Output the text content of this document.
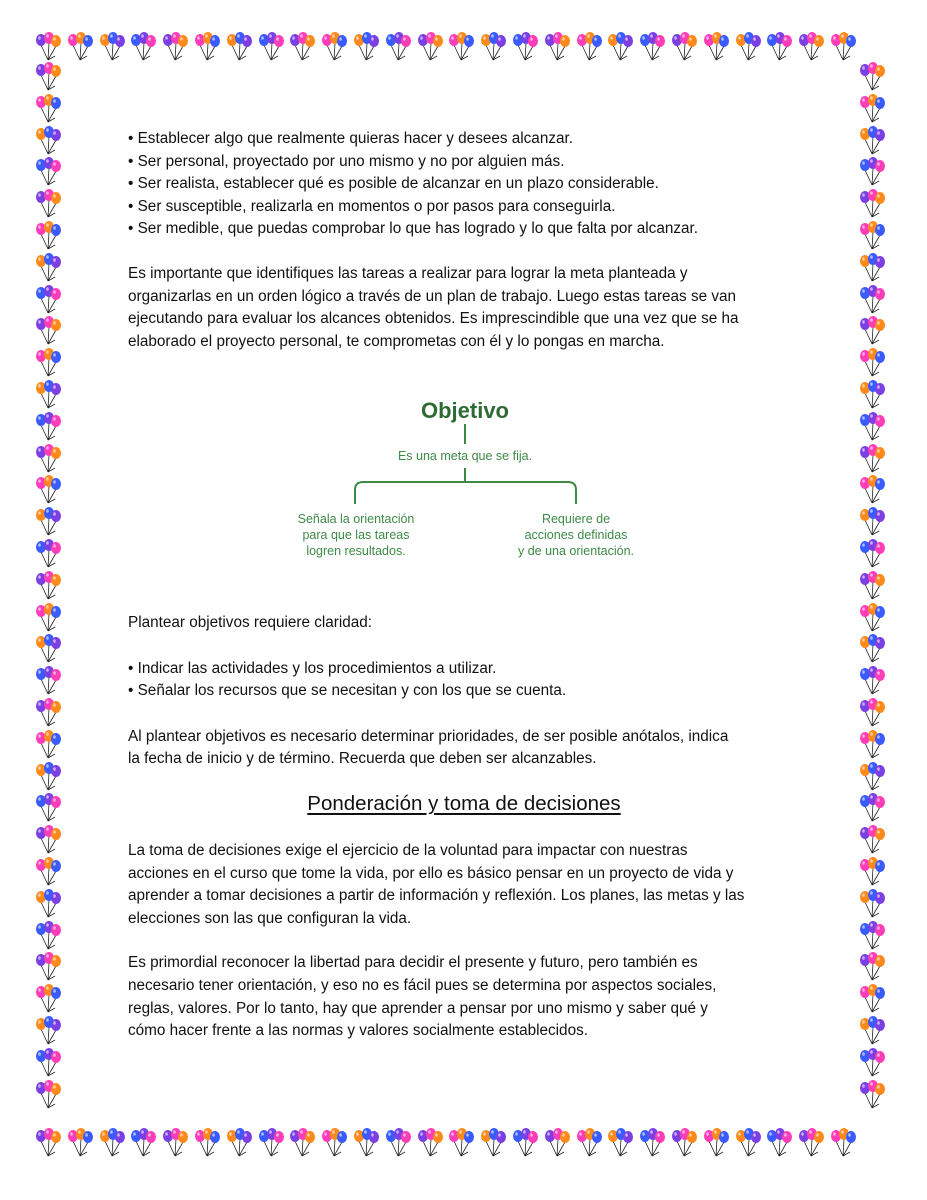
• Establecer algo que realmente quieras hacer y desees alcanzar.
• Ser personal, proyectado por uno mismo y no por alguien más.
• Ser realista, establecer qué es posible de alcanzar en un plazo considerable.
• Ser susceptible, realizarla en momentos o por pasos para conseguirla.
• Ser medible, que puedas comprobar lo que has logrado y lo que falta por alcanzar.
Es importante que identifiques las tareas a realizar para lograr la meta planteada y
organizarlas en un orden lógico a través de un plan de trabajo. Luego estas tareas se van
ejecutando para evaluar los alcances obtenidos. Es imprescindible que una vez que se ha
elaborado el proyecto personal, te comprometas con él y lo pongas en marcha.
Objetivo
Es una meta que se fija.
Señala la orientación
para que las tareas
logren resultados.
Requiere de
acciones definidas
y de una orientación.
Plantear objetivos requiere claridad:
• Indicar las actividades y los procedimientos a utilizar.
• Señalar los recursos que se necesitan y con los que se cuenta.
Al plantear objetivos es necesario determinar prioridades, de ser posible anótalos, indica
la fecha de inicio y de término. Recuerda que deben ser alcanzables.
Ponderación y toma de decisiones
La toma de decisiones exige el ejercicio de la voluntad para impactar con nuestras
acciones en el curso que tome la vida, por ello es básico pensar en un proyecto de vida y
aprender a tomar decisiones a partir de información y reflexión. Los planes, las metas y las
elecciones son las que configuran la vida.
Es primordial reconocer la libertad para decidir el presente y futuro, pero también es
necesario tener orientación, y eso no es fácil pues se determina por aspectos sociales,
reglas, valores. Por lo tanto, hay que aprender a pensar por uno mismo y saber qué y
cómo hacer frente a las normas y valores socialmente establecidos.
